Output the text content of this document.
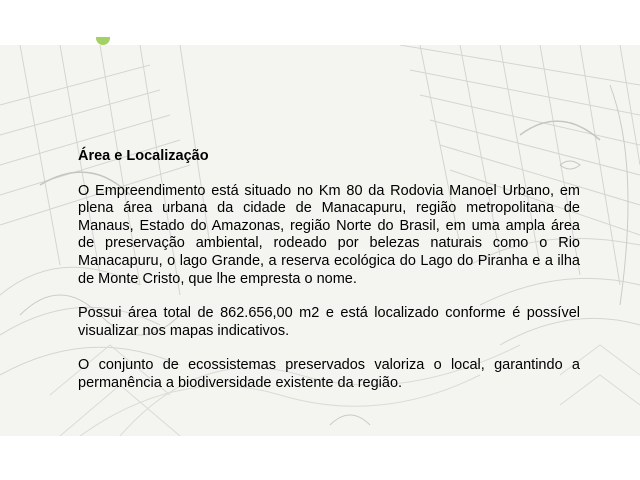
Área e Localização

O Empreendimento está situado no Km 80 da Rodovia Manoel Urbano, em plena área urbana da cidade de Manacapuru, região metropolitana de Manaus, Estado do Amazonas, região Norte do Brasil, em uma ampla área de preservação ambiental, rodeado por belezas naturais como o Rio Manacapuru, o lago Grande, a reserva ecológica do Lago do Piranha e a ilha de Monte Cristo, que lhe empresta o nome.

Possui área total de 862.656,00 m2 e está localizado conforme é possível visualizar nos mapas indicativos.

O conjunto de ecossistemas preservados valoriza o local, garantindo a permanência a biodiversidade existente da região.
